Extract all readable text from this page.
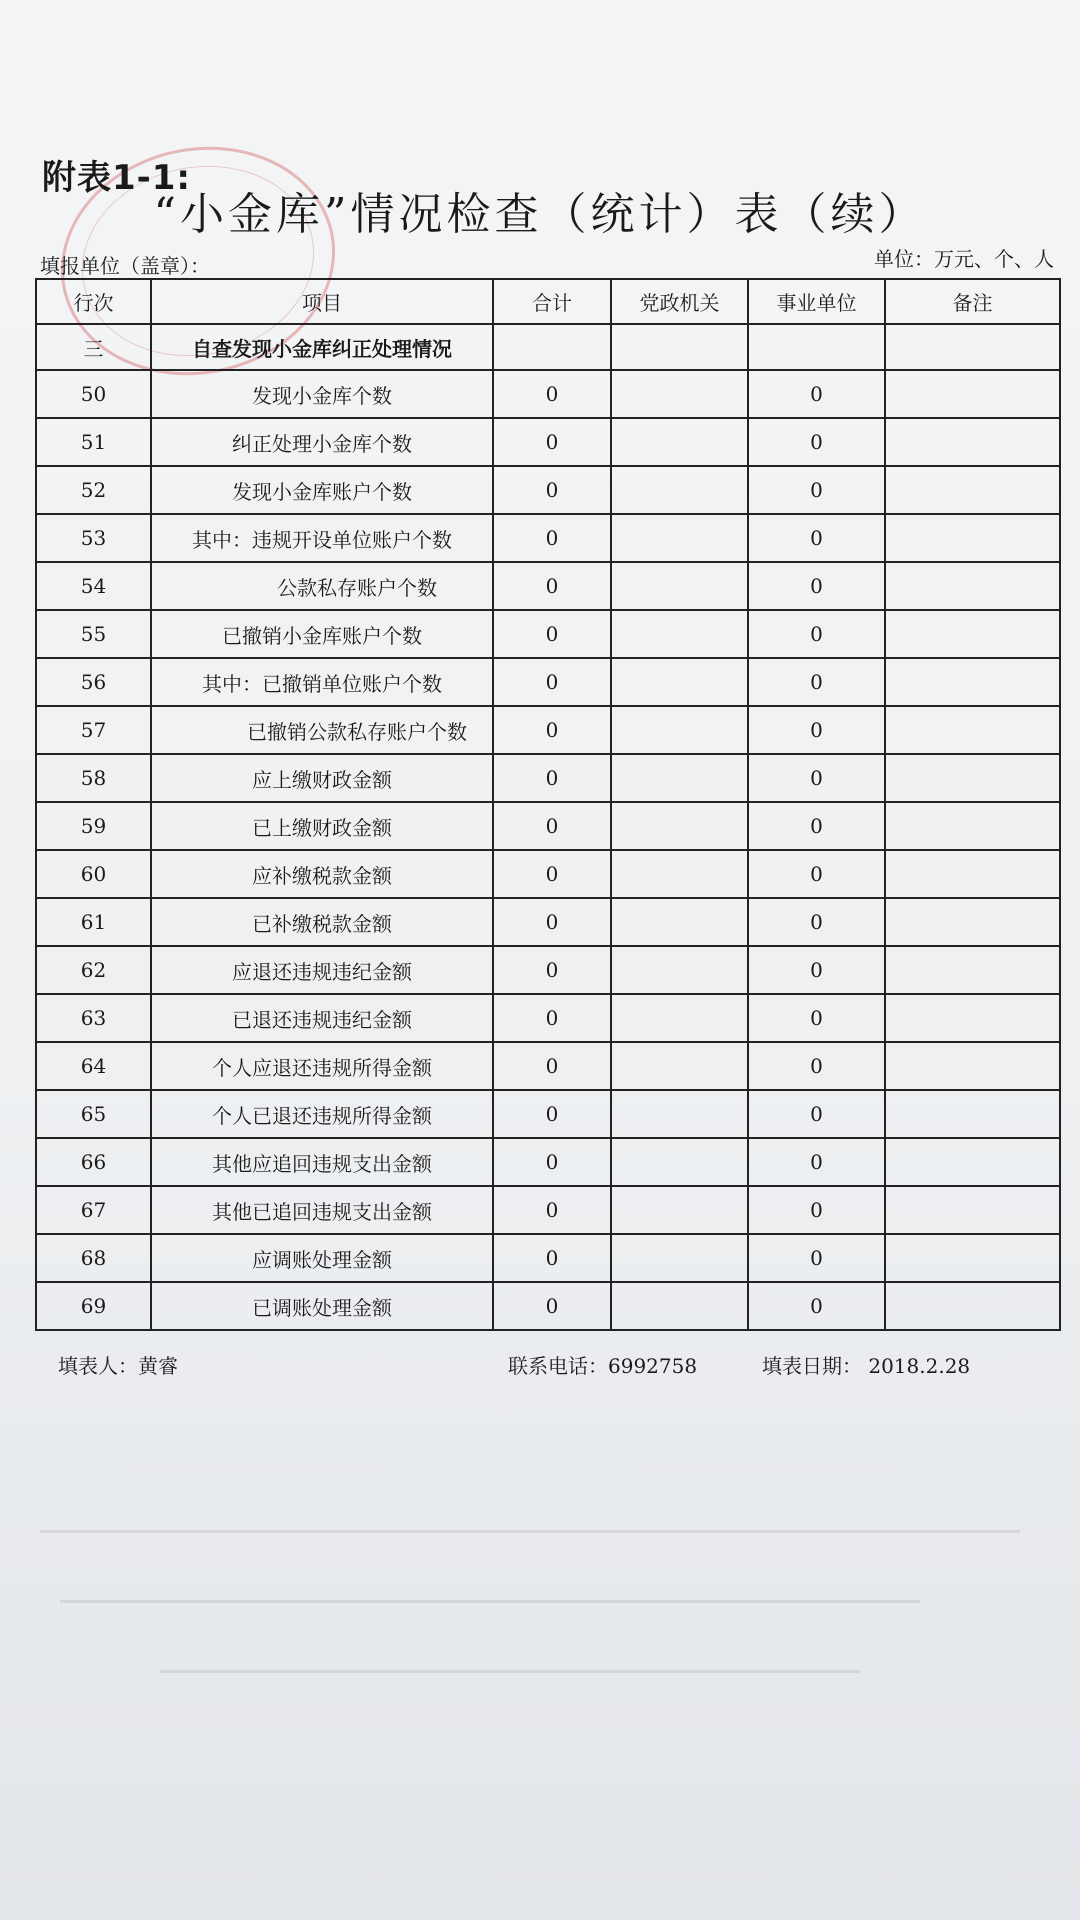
附表1-1:
“小金库”情况检查（统计）表（续）
填报单位（盖章）：	单位：万元、个、人
行次	项目	合计	党政机关	事业单位	备注
三	自查发现小金库纠正处理情况				
50	发现小金库个数	0		0	
51	纠正处理小金库个数	0		0	
52	发现小金库账户个数	0		0	
53	其中：违规开设单位账户个数	0		0	
54	公款私存账户个数	0		0	
55	已撤销小金库账户个数	0		0	
56	其中：已撤销单位账户个数	0		0	
57	已撤销公款私存账户个数	0		0	
58	应上缴财政金额	0		0	
59	已上缴财政金额	0		0	
60	应补缴税款金额	0		0	
61	已补缴税款金额	0		0	
62	应退还违规违纪金额	0		0	
63	已退还违规违纪金额	0		0	
64	个人应退还违规所得金额	0		0	
65	个人已退还违规所得金额	0		0	
66	其他应追回违规支出金额	0		0	
67	其他已追回违规支出金额	0		0	
68	应调账处理金额	0		0	
69	已调账处理金额	0		0	
填表人：黄睿	联系电话：6992758	填表日期： 2018.2.28
